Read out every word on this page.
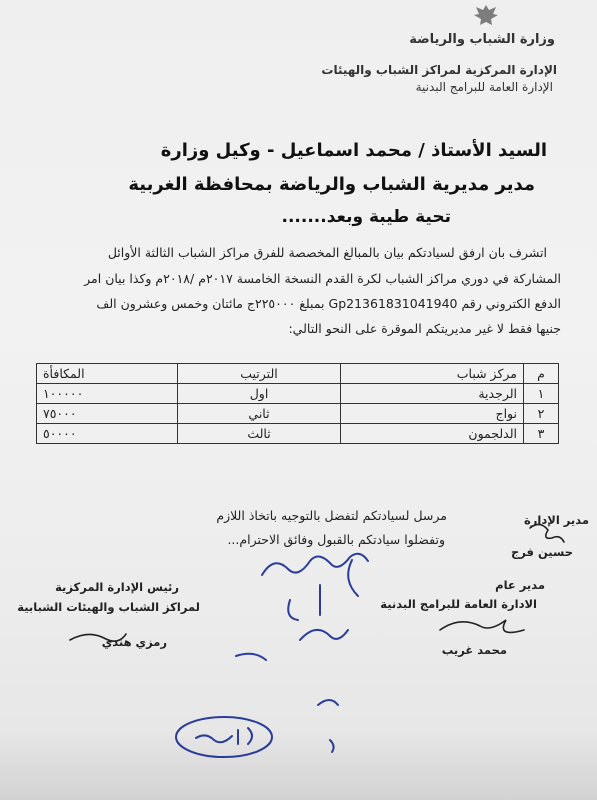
وزارة الشباب والرياضة
الإدارة المركزية لمراكز الشباب والهيئات
الإدارة العامة للبرامج البدنية
السيد الأستاذ / محمد اسماعيل - وكيل وزارة
مدير مديرية الشباب والرياضة بمحافظة الغربية
تحية طيبة وبعد.......
اتشرف بان ارفق لسيادتكم بيان بالمبالغ المخصصة للفرق مراكز الشباب الثالثة الأوائل
المشاركة في دوري مراكز الشباب لكرة القدم النسخة الخامسة ٢٠١٧م /٢٠١٨م وكذا بيان امر
الدفع الكتروني رقم Gp21361831041940 بمبلغ ٢٢٥٠٠٠ج مائتان وخمس وعشرون الف
جنيها فقط لا غير مديريتكم الموقرة على النحو التالي:
م	مركز شباب	الترتيب	المكافأة
١	الرجدية	اول	١٠٠٠٠٠
٢	نواج	ثاني	٧٥٠٠٠
٣	الدلجمون	ثالث	٥٠٠٠٠
مرسل لسيادتكم لتفضل بالتوجيه باتخاذ اللازم
وتفضلوا سيادتكم بالقبول وفائق الاحترام...
مدير الإدارة
حسين فرج
مدير عام
الادارة العامة للبرامج البدنية
محمد غريب
رئيس الإدارة المركزية
لمراكز الشباب والهيئات الشبابية
رمزي هندي
